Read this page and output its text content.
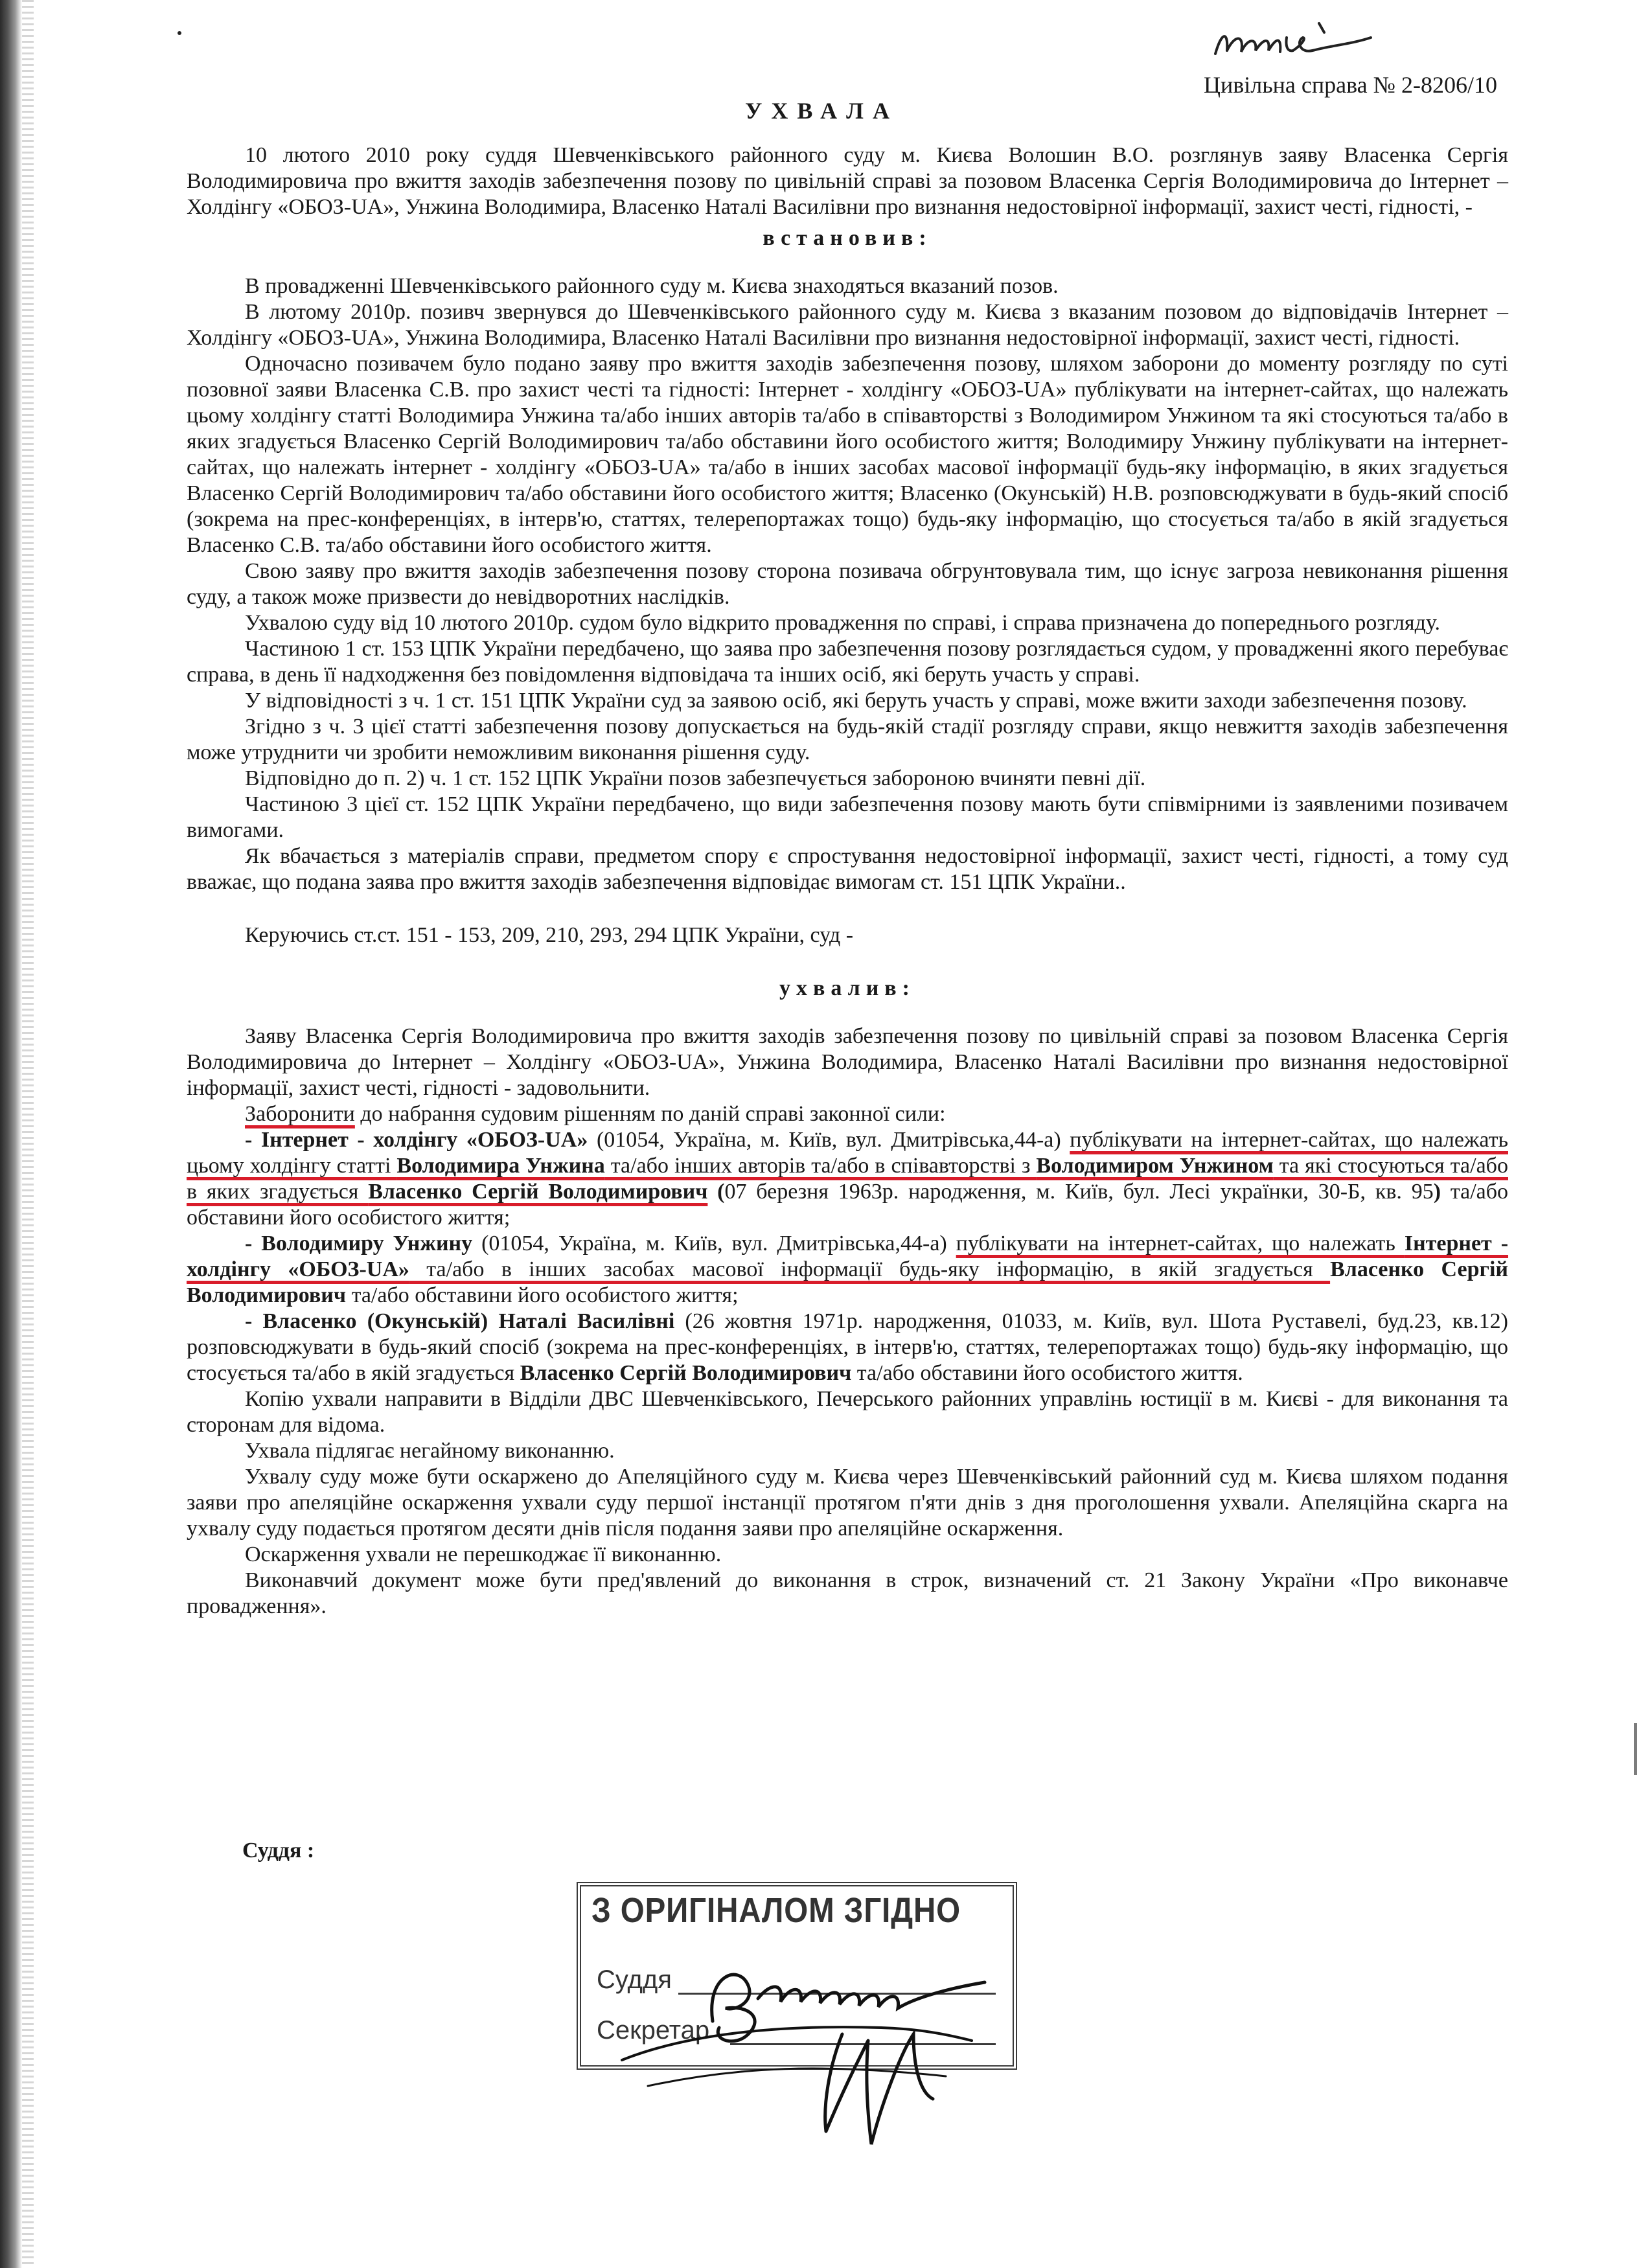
Цивільна справа № 2-8206/10
УХВАЛА

10 лютого 2010 року суддя Шевченківського районного суду м. Києва Волошин В.О. розглянув заяву Власенка Сергія Володимировича про вжиття заходів забезпечення позову по цивільній справі за позовом Власенка Сергія Володимировича до Інтернет – Холдінгу «ОБОЗ-UA», Унжина Володимира, Власенко Наталі Василівни про визнання недостовірної інформації, захист честі, гідності, -

встановив:

В провадженні Шевченківського районного суду м. Києва знаходяться вказаний позов.

В лютому 2010р. позивч звернувся до Шевченківського районного суду м. Києва з вказаним позовом до відповідачів Інтернет – Холдінгу «ОБОЗ-UA», Унжина Володимира, Власенко Наталі Василівни про визнання недостовірної інформації, захист честі, гідності.

Одночасно позивачем було подано заяву про вжиття заходів забезпечення позову, шляхом заборони до моменту розгляду по суті позовної заяви Власенка С.В. про захист честі та гідності: Інтернет - холдінгу «ОБОЗ-UA» публікувати на інтернет-сайтах, що належать цьому холдінгу статті Володимира Унжина та/або інших авторів та/або в співавторстві з Володимиром Унжином та які стосуються та/або в яких згадується Власенко Сергій Володимирович та/або обставини його особистого життя; Володимиру Унжину публікувати на інтернет-сайтах, що належать інтернет - холдінгу «ОБОЗ-UA» та/або в інших засобах масової інформації будь-яку інформацію, в яких згадується Власенко Сергій Володимирович та/або обставини його особистого життя; Власенко (Окунській) Н.В. розповсюджувати в будь-який спосіб (зокрема на прес-конференціях, в інтерв'ю, статтях, телерепортажах тощо) будь-яку інформацію, що стосується та/або в якій згадується Власенко С.В. та/або обставини його особистого життя.

Свою заяву про вжиття заходів забезпечення позову сторона позивача обгрунтовувала тим, що існує загроза невиконання рішення суду, а також може призвести до невідворотних наслідків.

Ухвалою суду від 10 лютого 2010р. судом було відкрито провадження по справі, і справа призначена до попереднього розгляду.

Частиною 1 ст. 153 ЦПК України передбачено, що заява про забезпечення позову розглядається судом, у провадженні якого перебуває справа, в день її надходження без повідомлення відповідача та інших осіб, які беруть участь у справі.

У відповідності з ч. 1 ст. 151 ЦПК України суд за заявою осіб, які беруть участь у справі, може вжити заходи забезпечення позову.

Згідно з ч. 3 цієї статті забезпечення позову допускається на будь-якій стадії розгляду справи, якщо невжиття заходів забезпечення може утруднити чи зробити неможливим виконання рішення суду.

Відповідно до п. 2) ч. 1 ст. 152 ЦПК України позов забезпечується забороною вчиняти певні дії.

Частиною 3 цієї ст. 152 ЦПК України передбачено, що види забезпечення позову мають бути співмірними із заявленими позивачем вимогами.

Як вбачається з матеріалів справи, предметом спору є спростування недостовірної інформації, захист честі, гідності, а тому суд вважає, що подана заява про вжиття заходів забезпечення відповідає вимогам ст. 151 ЦПК України..

Керуючись ст.ст. 151 - 153, 209, 210, 293, 294 ЦПК України, суд -

ухвалив:

Заяву Власенка Сергія Володимировича про вжиття заходів забезпечення позову по цивільній справі за позовом Власенка Сергія Володимировича до Інтернет – Холдінгу «ОБОЗ-UA», Унжина Володимира, Власенко Наталі Василівни про визнання недостовірної інформації, захист честі, гідності - задовольнити.

Заборонити до набрання судовим рішенням по даній справі законної сили:

- Інтернет - холдінгу «ОБОЗ-UA» (01054, Україна, м. Київ, вул. Дмитрівська,44-а) публікувати на інтернет-сайтах, що належать цьому холдінгу статті Володимира Унжина та/або інших авторів та/або в співавторстві з Володимиром Унжином та які стосуються та/або в яких згадується Власенко Сергій Володимирович (07 березня 1963р. народження, м. Київ, бул. Лесі українки, 30-Б, кв. 95) та/або обставини його особистого життя;

- Володимиру Унжину (01054, Україна, м. Київ, вул. Дмитрівська,44-а) публікувати на інтернет-сайтах, що належать Інтернет - холдінгу «ОБОЗ-UA» та/або в інших засобах масової інформації будь-яку інформацію, в якій згадується Власенко Сергій Володимирович та/або обставини його особистого життя;

- Власенко (Окунській) Наталі Василівні (26 жовтня 1971р. народження, 01033, м. Київ, вул. Шота Руставелі, буд.23, кв.12) розповсюджувати в будь-який спосіб (зокрема на прес-конференціях, в інтерв'ю, статтях, телерепортажах тощо) будь-яку інформацію, що стосується та/або в якій згадується Власенко Сергій Володимирович та/або обставини його особистого життя.

Копію ухвали направити в Відділи ДВС Шевченківського, Печерського районних управлінь юстиції в м. Києві - для виконання та сторонам для відома.

Ухвала підлягає негайному виконанню.

Ухвалу суду може бути оскаржено до Апеляційного суду м. Києва через Шевченківський районний суд м. Києва шляхом подання заяви про апеляційне оскарження ухвали суду першої інстанції протягом п'яти днів з дня проголошення ухвали. Апеляційна скарга на ухвалу суду подається протягом десяти днів після подання заяви про апеляційне оскарження.

Оскарження ухвали не перешкоджає її виконанню.

Виконавчий документ може бути пред'явлений до виконання в строк, визначений ст. 21 Закону України «Про виконавче провадження».

Суддя :
З ОРИГІНАЛОМ ЗГІДНО
Суддя
Секретар
